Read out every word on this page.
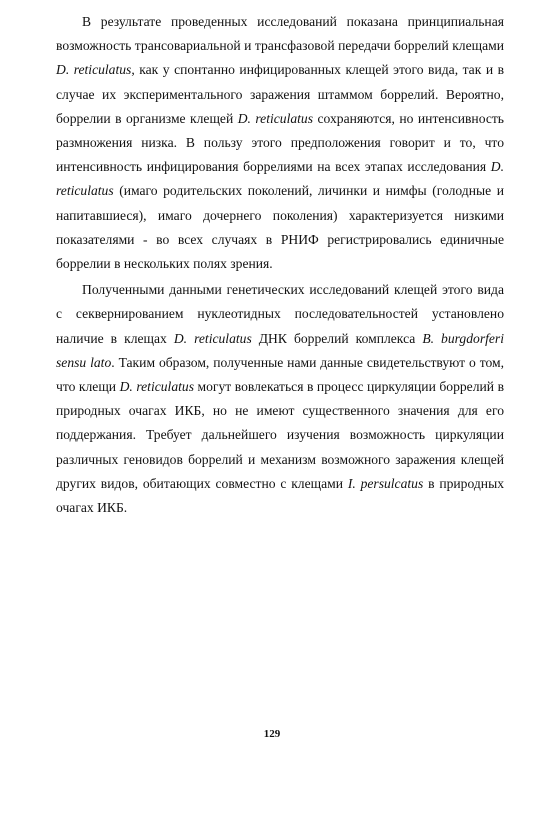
В результате проведенных исследований показана принципиальная возможность трансовариальной и трансфазовой передачи боррелий клещами D. reticulatus, как у спонтанно инфицированных клещей этого вида, так и в случае их экспериментального заражения штаммом боррелий. Вероятно, боррелии в организме клещей D. reticulatus сохраняются, но интенсивность размножения низка. В пользу этого предположения говорит и то, что интенсивность инфицирования боррелиями на всех этапах исследования D. reticulatus (имаго родительских поколений, личинки и нимфы (голодные и напитавшиеся), имаго дочернего поколения) характеризуется низкими показателями - во всех случаях в РНИФ регистрировались единичные боррелии в нескольких полях зрения.

Полученными данными генетических исследований клещей этого вида с секвернированием нуклеотидных последовательностей установлено наличие в клещах D. reticulatus ДНК боррелий комплекса B. burgdorferi sensu lato. Таким образом, полученные нами данные свидетельствуют о том, что клещи D. reticulatus могут вовлекаться в процесс циркуляции боррелий в природных очагах ИКБ, но не имеют существенного значения для его поддержания. Требует дальнейшего изучения возможность циркуляции различных геновидов боррелий и механизм возможного заражения клещей других видов, обитающих совместно с клещами I. persulcatus в природных очагах ИКБ.

129
